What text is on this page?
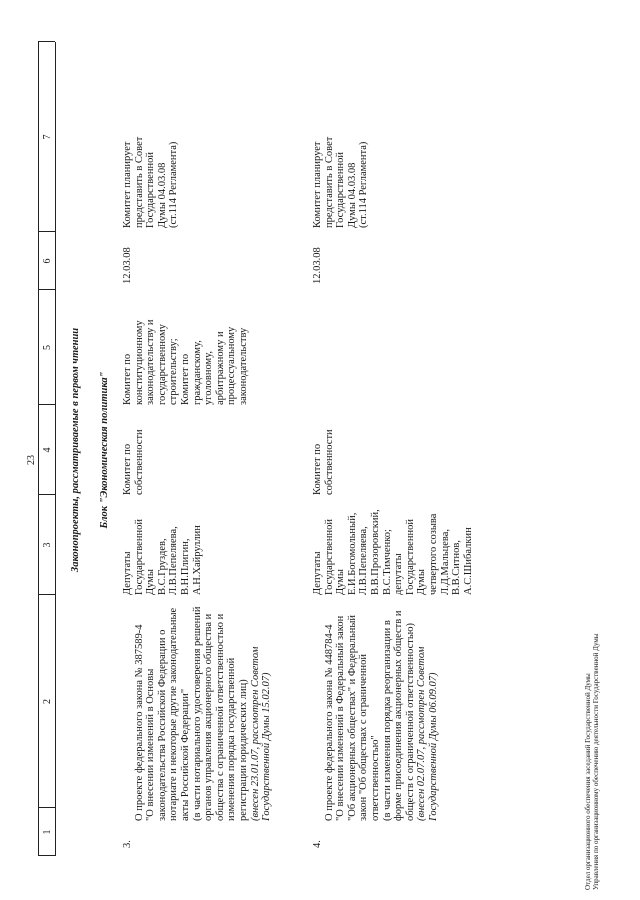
23
1
2
3
4
5
6
7
Законопроекты, рассматриваемые в первом чтении Блок "Экономическая политика"
3.

О проекте федерального закона № 387589-4
"О внесении изменений в Основы
законодательства Российской Федерации о
нотариате и некоторые другие законодательные
акты Российской Федерации"
(в части нотариального удостоверения решений
органов управления акционерного общества и
общества с ограниченной ответственностью и
изменения порядка государственной
регистрации юридических лиц)
(внесен 23.01.07, рассмотрен Советом
Государственной Думы 15.02.07)

Депутаты
Государственной
Думы
В.С.Груздев,
Л.В.Пепеляева,
В.Н.Плигин,
А.Н.Хайруллин
Комитет по
собственности
Комитет по
конституционному
законодательству и
государственному
строительству;
Комитет по
гражданскому,
уголовному,
арбитражному и
процессуальному
законодательству
12.03.08
Комитет планирует
представить в Совет
Государственной
Думы 04.03.08
(ст.114 Регламента)
4.

О проекте федерального закона № 448784-4
"О внесении изменений в Федеральный закон
"Об акционерных обществах" и Федеральный
закон "Об обществах с ограниченной
ответственностью"
(в части изменения порядка реорганизации в
форме присоединения акционерных обществ и
обществ с ограниченной ответственностью)
(внесен 02.07.07, рассмотрен Советом
Государственной Думы 06.09.07)

Депутаты
Государственной
Думы
Е.И.Богомольный,
Л.В.Пепеляева,
В.В.Прозоровский,
В.С.Тимченко;
депутаты
Государственной
Думы
четвертого созыва
Л.Д.Мальцева,
В.В.Ситнов,
А.С.Шибалкин
Комитет по
собственности
12.03.08
Комитет планирует
представить в Совет
Государственной
Думы 04.03.08
(ст.114 Регламента)
Отдел организационного обеспечения заседаний Государственной Думы Управления по организационному обеспечению деятельности Государственной Думы
